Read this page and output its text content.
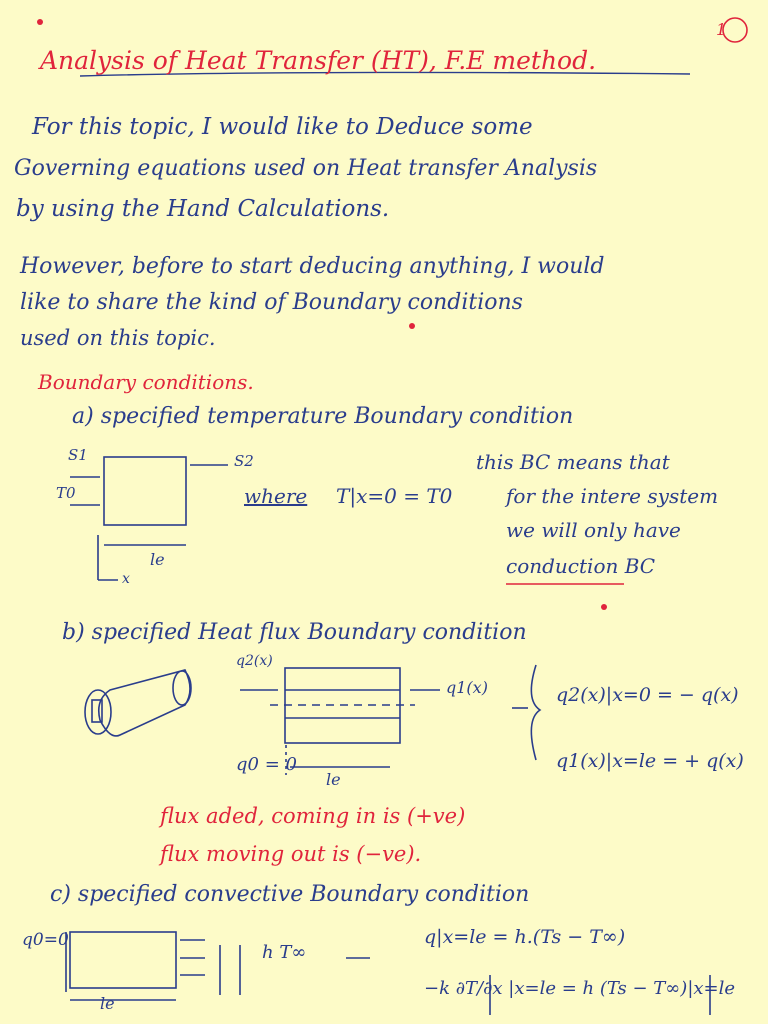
1
Analysis of Heat Transfer (HT), F.E method.
For this topic, I would like to Deduce some
Governing equations used on Heat transfer Analysis
by using the Hand Calculations.
However, before to start deducing anything, I would
like to share the kind of Boundary conditions
used on this topic.
Boundary conditions.
a) specified temperature Boundary condition
S1	S2
T0
le
x
where T|x=0 = T0
this BC means that
for the intere system
we will only have
conduction BC
b) specified Heat flux Boundary condition
q2(x)
q1(x)
q0 = 0
le
q2(x)|x=0 = − q(x)
q1(x)|x=le = + q(x)
flux aded, coming in is (+ve)
flux moving out is (−ve).
c) specified convective Boundary condition
q0=0
h T∞
le
q|x=le = h.(Ts − T∞)
−k ∂T/∂x |x=le = h (Ts − T∞)|x=le
